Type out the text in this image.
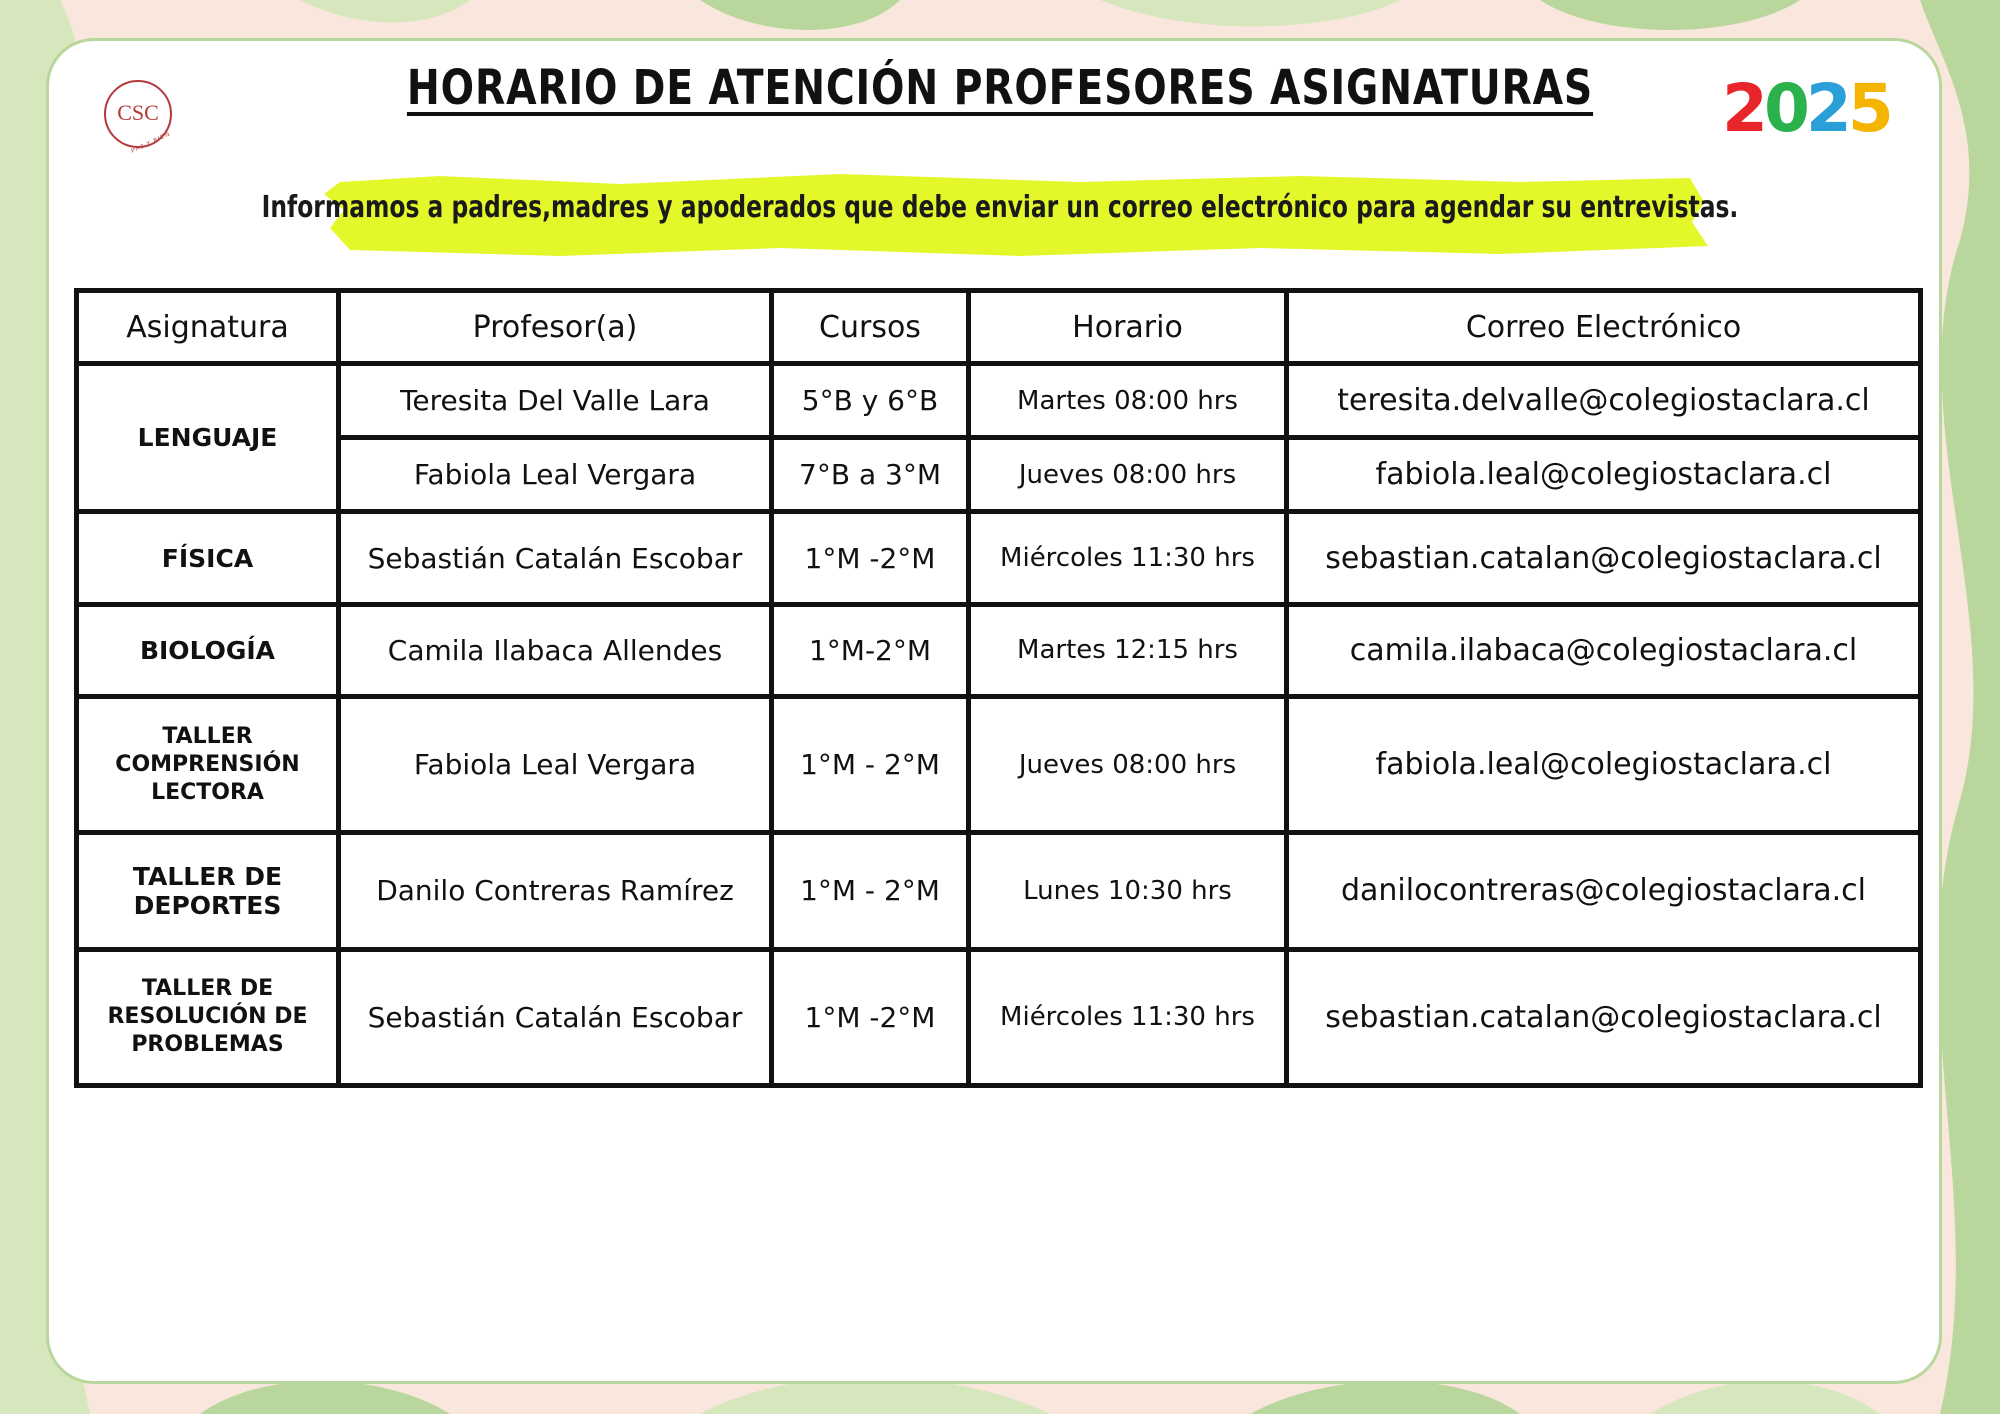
CSC
PAZ Y BIEN
HORARIO DE ATENCIÓN PROFESORES ASIGNATURAS	2025
Informamos a padres,madres y apoderados que debe enviar un correo electrónico para agendar su entrevistas.
Asignatura	Profesor(a)	Cursos	Horario	Correo Electrónico
LENGUAJE	Teresita Del Valle Lara	5°B y 6°B	Martes 08:00 hrs	teresita.delvalle@colegiostaclara.cl
	Fabiola Leal Vergara	7°B a 3°M	Jueves 08:00 hrs	fabiola.leal@colegiostaclara.cl
FÍSICA	Sebastián Catalán Escobar	1°M -2°M	Miércoles 11:30 hrs	sebastian.catalan@colegiostaclara.cl
BIOLOGÍA	Camila Ilabaca Allendes	1°M-2°M	Martes 12:15 hrs	camila.ilabaca@colegiostaclara.cl

TALLER
COMPRENSIÓN
LECTORA	Fabiola Leal Vergara	1°M - 2°M	Jueves 08:00 hrs	fabiola.leal@colegiostaclara.cl

TALLER DE
DEPORTES	Danilo Contreras Ramírez	1°M - 2°M	Lunes 10:30 hrs	danilocontreras@colegiostaclara.cl

TALLER DE
RESOLUCIÓN DE
PROBLEMAS	Sebastián Catalán Escobar	1°M -2°M	Miércoles 11:30 hrs	sebastian.catalan@colegiostaclara.cl
